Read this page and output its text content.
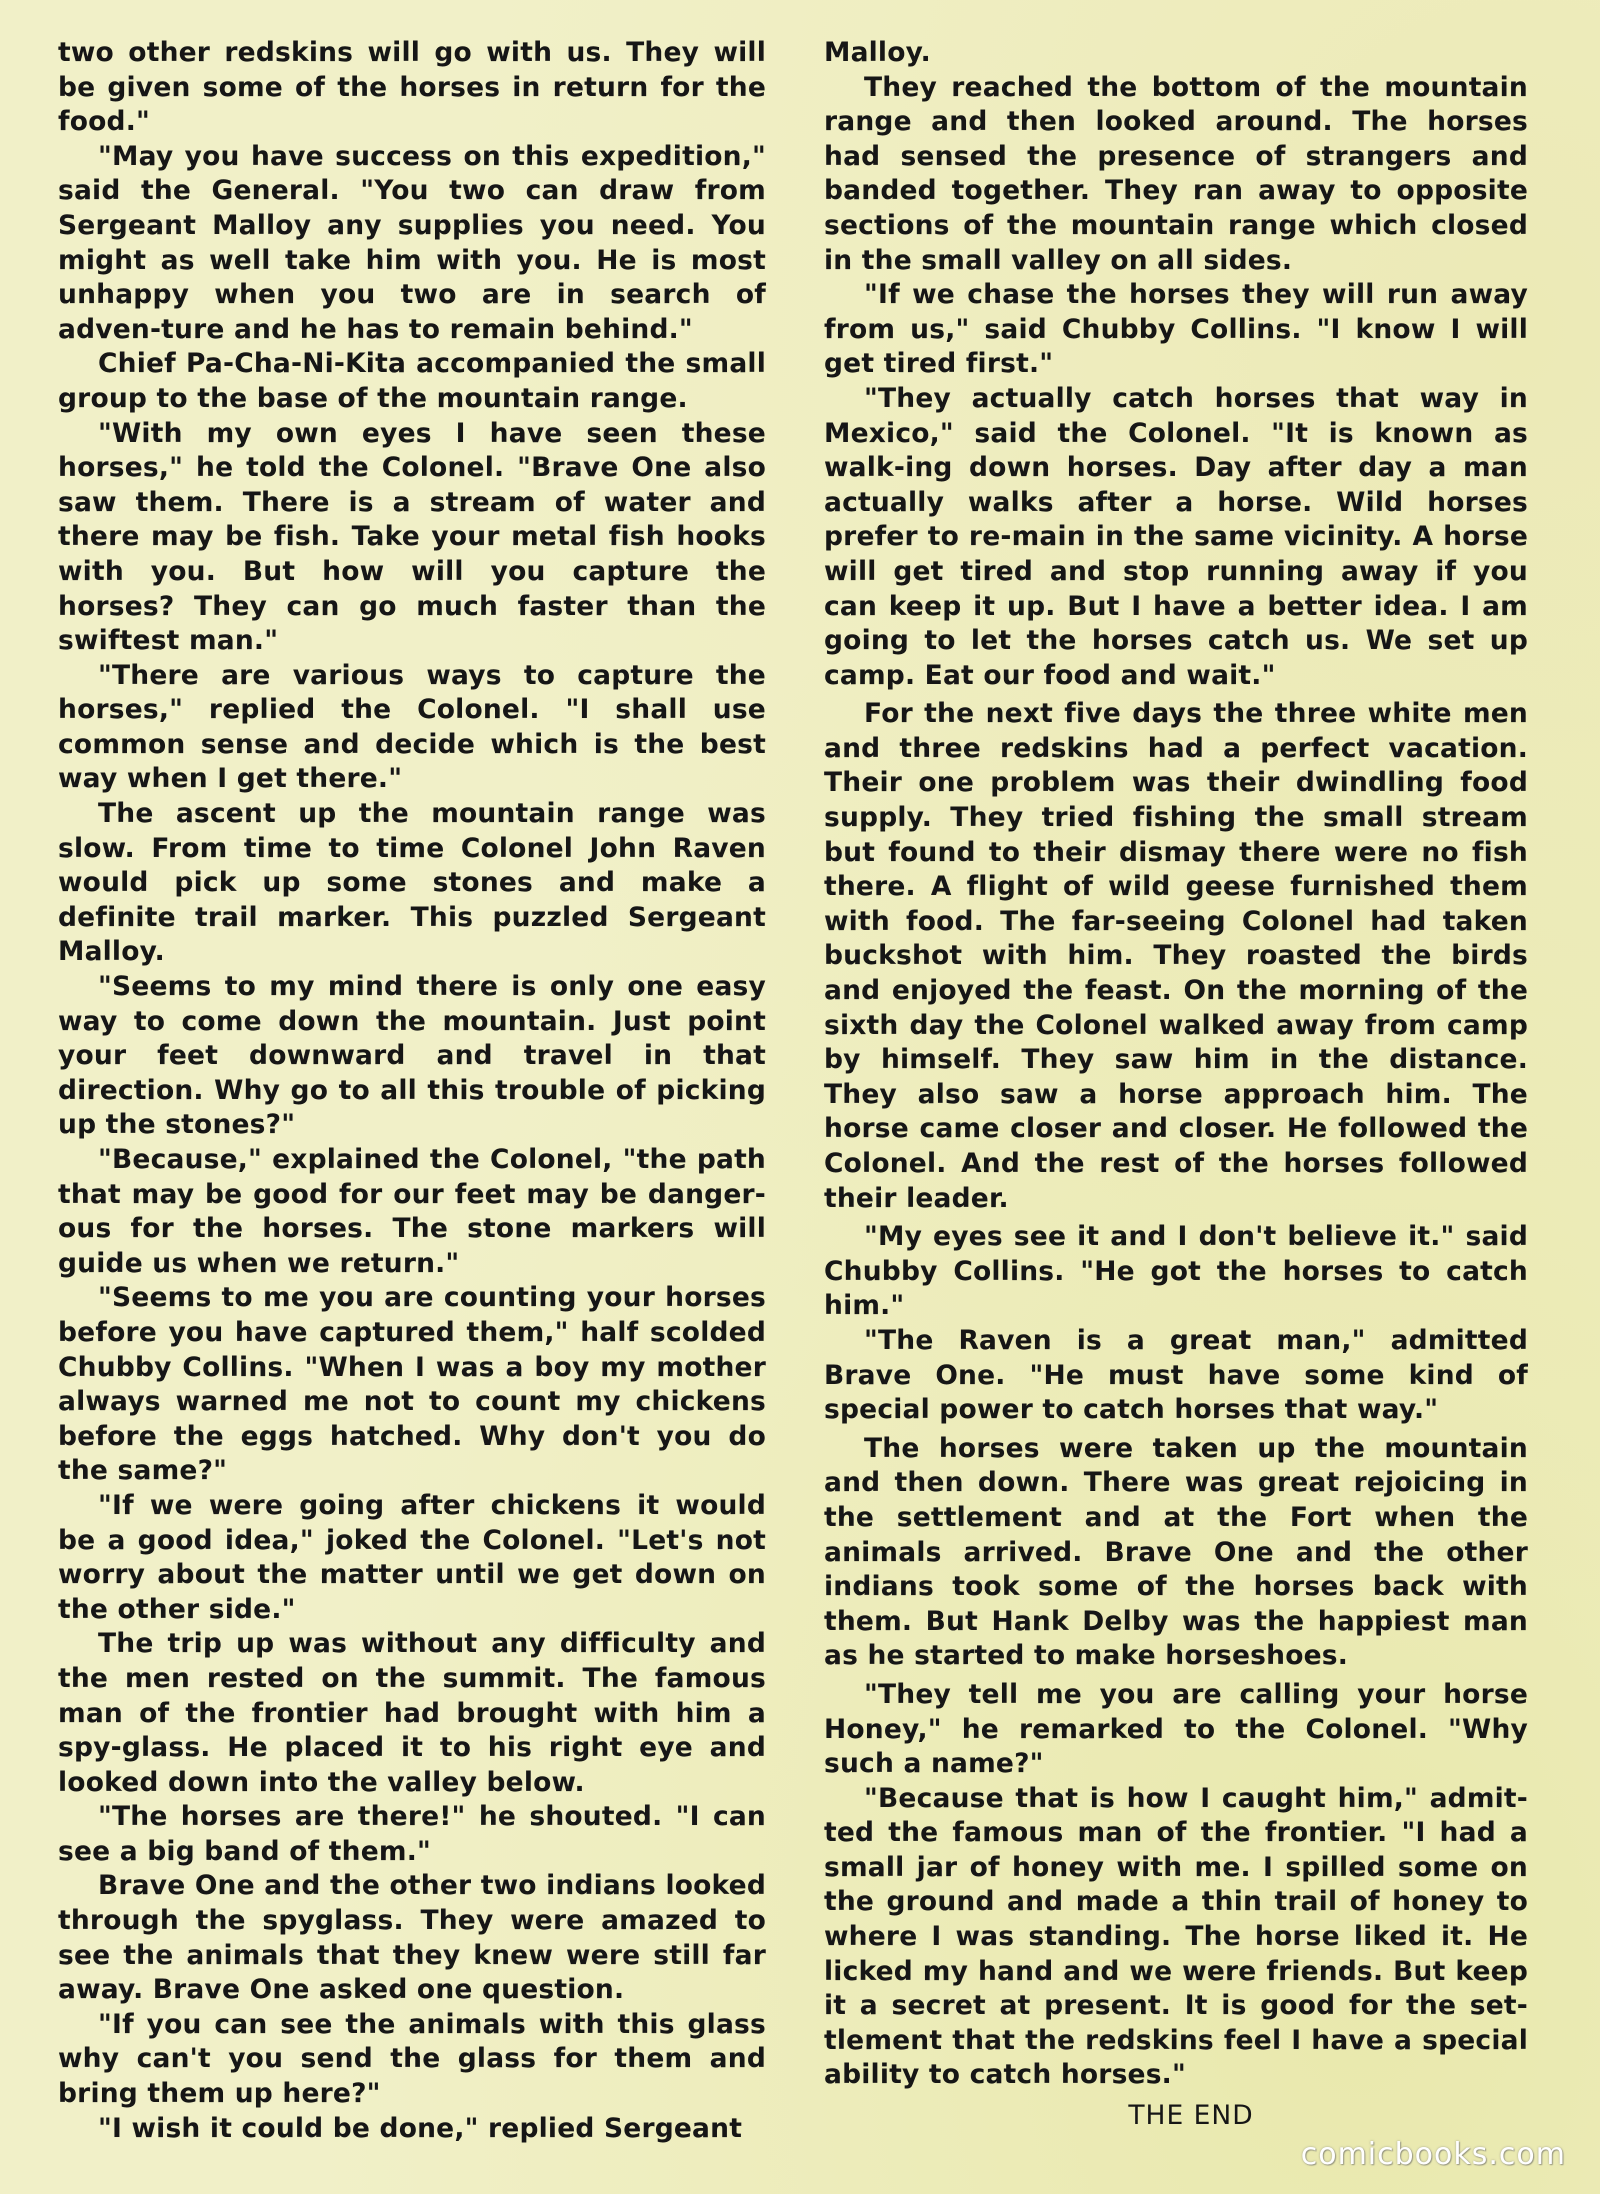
two other redskins will go with us. They will be given some of the horses in return for the food."

"May you have success on this expedition," said the General. "You two can draw from Sergeant Malloy any supplies you need. You might as well take him with you. He is most unhappy when you two are in search of adven-ture and he has to remain behind."

Chief Pa-Cha-Ni-Kita accompanied the small group to the base of the mountain range.

"With my own eyes I have seen these horses," he told the Colonel. "Brave One also saw them. There is a stream of water and there may be fish. Take your metal fish hooks with you. But how will you capture the horses? They can go much faster than the swiftest man."

"There are various ways to capture the horses," replied the Colonel. "I shall use common sense and decide which is the best way when I get there."

The ascent up the mountain range was slow. From time to time Colonel John Raven would pick up some stones and make a definite trail marker. This puzzled Sergeant Malloy.

"Seems to my mind there is only one easy way to come down the mountain. Just point your feet downward and travel in that direction. Why go to all this trouble of picking up the stones?"

"Because," explained the Colonel, "the path that may be good for our feet may be danger-ous for the horses. The stone markers will guide us when we return."

"Seems to me you are counting your horses before you have captured them," half scolded Chubby Collins. "When I was a boy my mother always warned me not to count my chickens before the eggs hatched. Why don't you do the same?"

"If we were going after chickens it would be a good idea," joked the Colonel. "Let's not worry about the matter until we get down on the other side."

The trip up was without any difficulty and the men rested on the summit. The famous man of the frontier had brought with him a spy-glass. He placed it to his right eye and looked down into the valley below.

"The horses are there!" he shouted. "I can see a big band of them."

Brave One and the other two indians looked through the spyglass. They were amazed to see the animals that they knew were still far away. Brave One asked one question.

"If you can see the animals with this glass why can't you send the glass for them and bring them up here?"

"I wish it could be done," replied Sergeant

Malloy.

They reached the bottom of the mountain range and then looked around. The horses had sensed the presence of strangers and banded together. They ran away to opposite sections of the mountain range which closed in the small valley on all sides.

"If we chase the horses they will run away from us," said Chubby Collins. "I know I will get tired first."

"They actually catch horses that way in Mexico," said the Colonel. "It is known as walk-ing down horses. Day after day a man actually walks after a horse. Wild horses prefer to re-main in the same vicinity. A horse will get tired and stop running away if you can keep it up. But I have a better idea. I am going to let the horses catch us. We set up camp. Eat our food and wait."

For the next five days the three white men and three redskins had a perfect vacation. Their one problem was their dwindling food supply. They tried fishing the small stream but found to their dismay there were no fish there. A flight of wild geese furnished them with food. The far-seeing Colonel had taken buckshot with him. They roasted the birds and enjoyed the feast. On the morning of the sixth day the Colonel walked away from camp by himself. They saw him in the distance. They also saw a horse approach him. The horse came closer and closer. He followed the Colonel. And the rest of the horses followed their leader.

"My eyes see it and I don't believe it." said Chubby Collins. "He got the horses to catch him."

"The Raven is a great man," admitted Brave One. "He must have some kind of special power to catch horses that way."

The horses were taken up the mountain and then down. There was great rejoicing in the settlement and at the Fort when the animals arrived. Brave One and the other indians took some of the horses back with them. But Hank Delby was the happiest man as he started to make horseshoes.

"They tell me you are calling your horse Honey," he remarked to the Colonel. "Why such a name?"

"Because that is how I caught him," admit-ted the famous man of the frontier. "I had a small jar of honey with me. I spilled some on the ground and made a thin trail of honey to where I was standing. The horse liked it. He licked my hand and we were friends. But keep it a secret at present. It is good for the set-tlement that the redskins feel I have a special ability to catch horses."

THE END

comicbooks.com
